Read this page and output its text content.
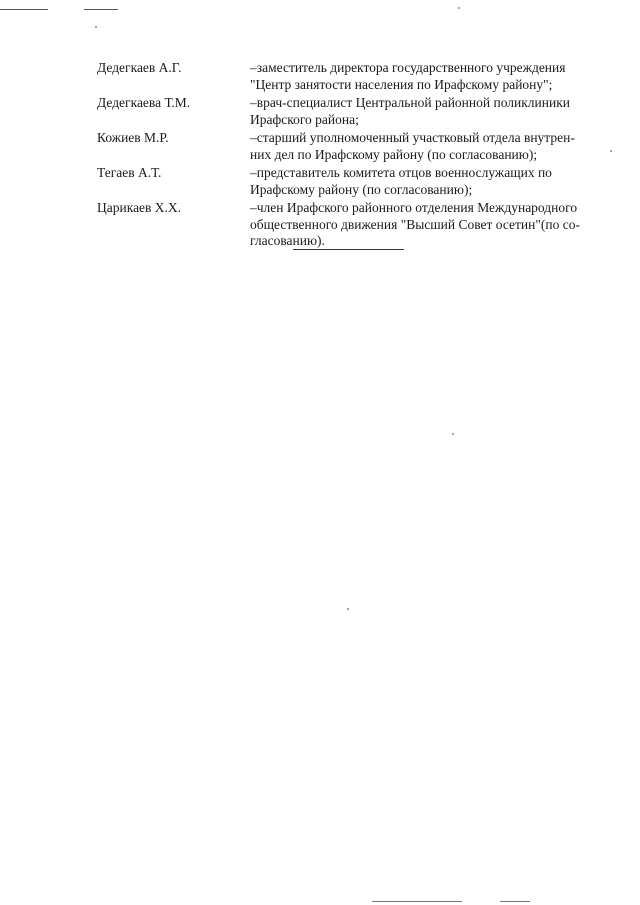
Дедегкаев А.Г.	–заместитель директора государственного учреждения
"Центр занятости населения по Ирафскому району";
Дедегкаева Т.М.	–врач-специалист Центральной районной поликлиники
Ирафского района;
Кожиев М.Р.	–старший уполномоченный участковый отдела внутрен-
них дел по Ирафскому району (по согласованию);
Тегаев А.Т.	–представитель комитета отцов военнослужащих по
Ирафскому району (по согласованию);
Царикаев Х.Х.	–член Ирафского районного отделения Международного
общественного движения "Высший Совет осетин"(по со-
гласованию).
